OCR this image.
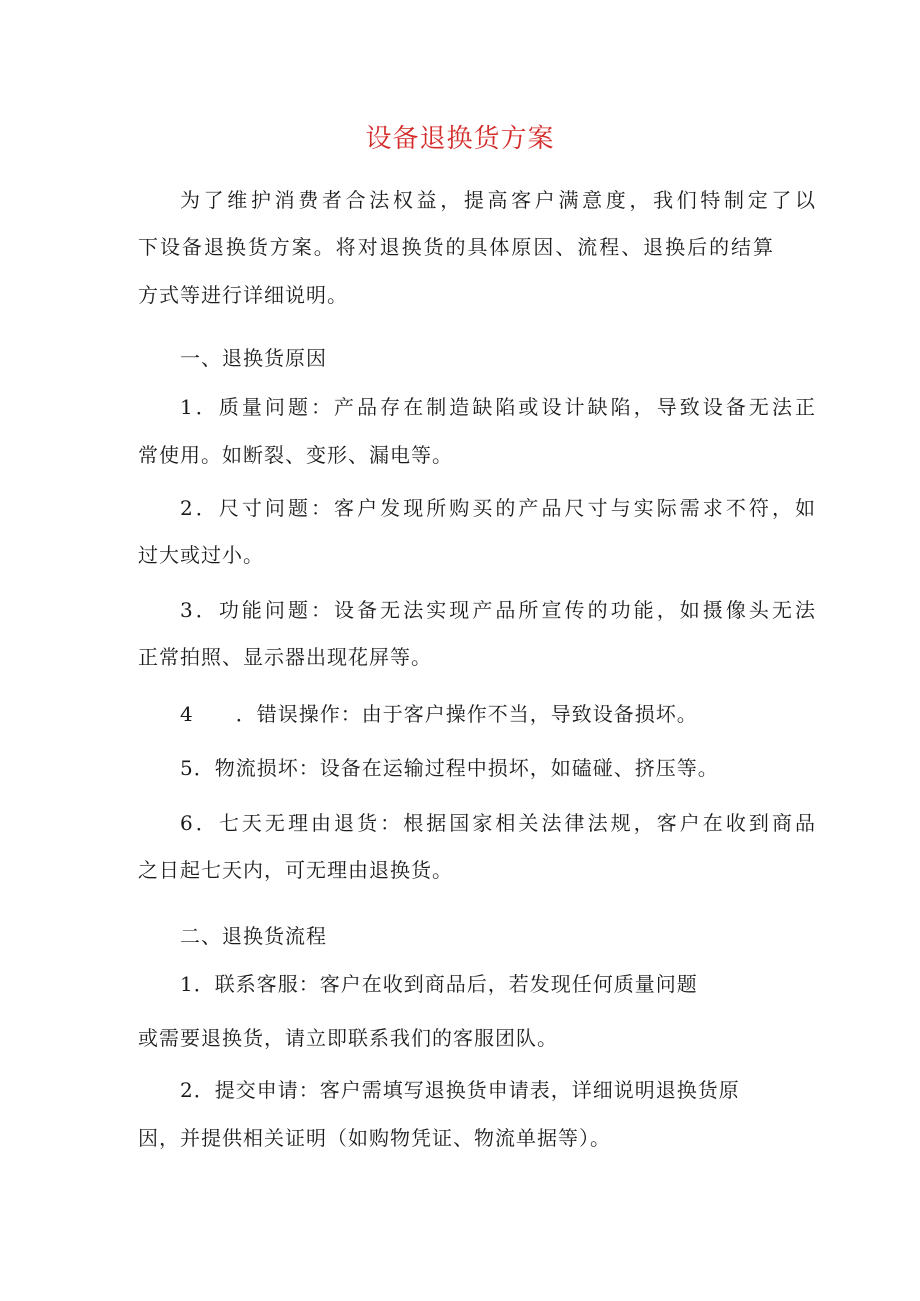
设备退换货方案
为了维护消费者合法权益，提高客户满意度，我们特制定了以
下设备退换货方案。将对退换货的具体原因、流程、退换后的结算
方式等进行详细说明。
一、退换货原因
1．质量问题：产品存在制造缺陷或设计缺陷，导致设备无法正
常使用。如断裂、变形、漏电等。
2．尺寸问题：客户发现所购买的产品尺寸与实际需求不符，如
过大或过小。
3．功能问题：设备无法实现产品所宣传的功能，如摄像头无法
正常拍照、显示器出现花屏等。
4　　．错误操作：由于客户操作不当，导致设备损坏。
5．物流损坏：设备在运输过程中损坏，如磕碰、挤压等。
6．七天无理由退货：根据国家相关法律法规，客户在收到商品
之日起七天内，可无理由退换货。
二、退换货流程
1．联系客服：客户在收到商品后，若发现任何质量问题
或需要退换货，请立即联系我们的客服团队。
2．提交申请：客户需填写退换货申请表，详细说明退换货原
因，并提供相关证明（如购物凭证、物流单据等）。
